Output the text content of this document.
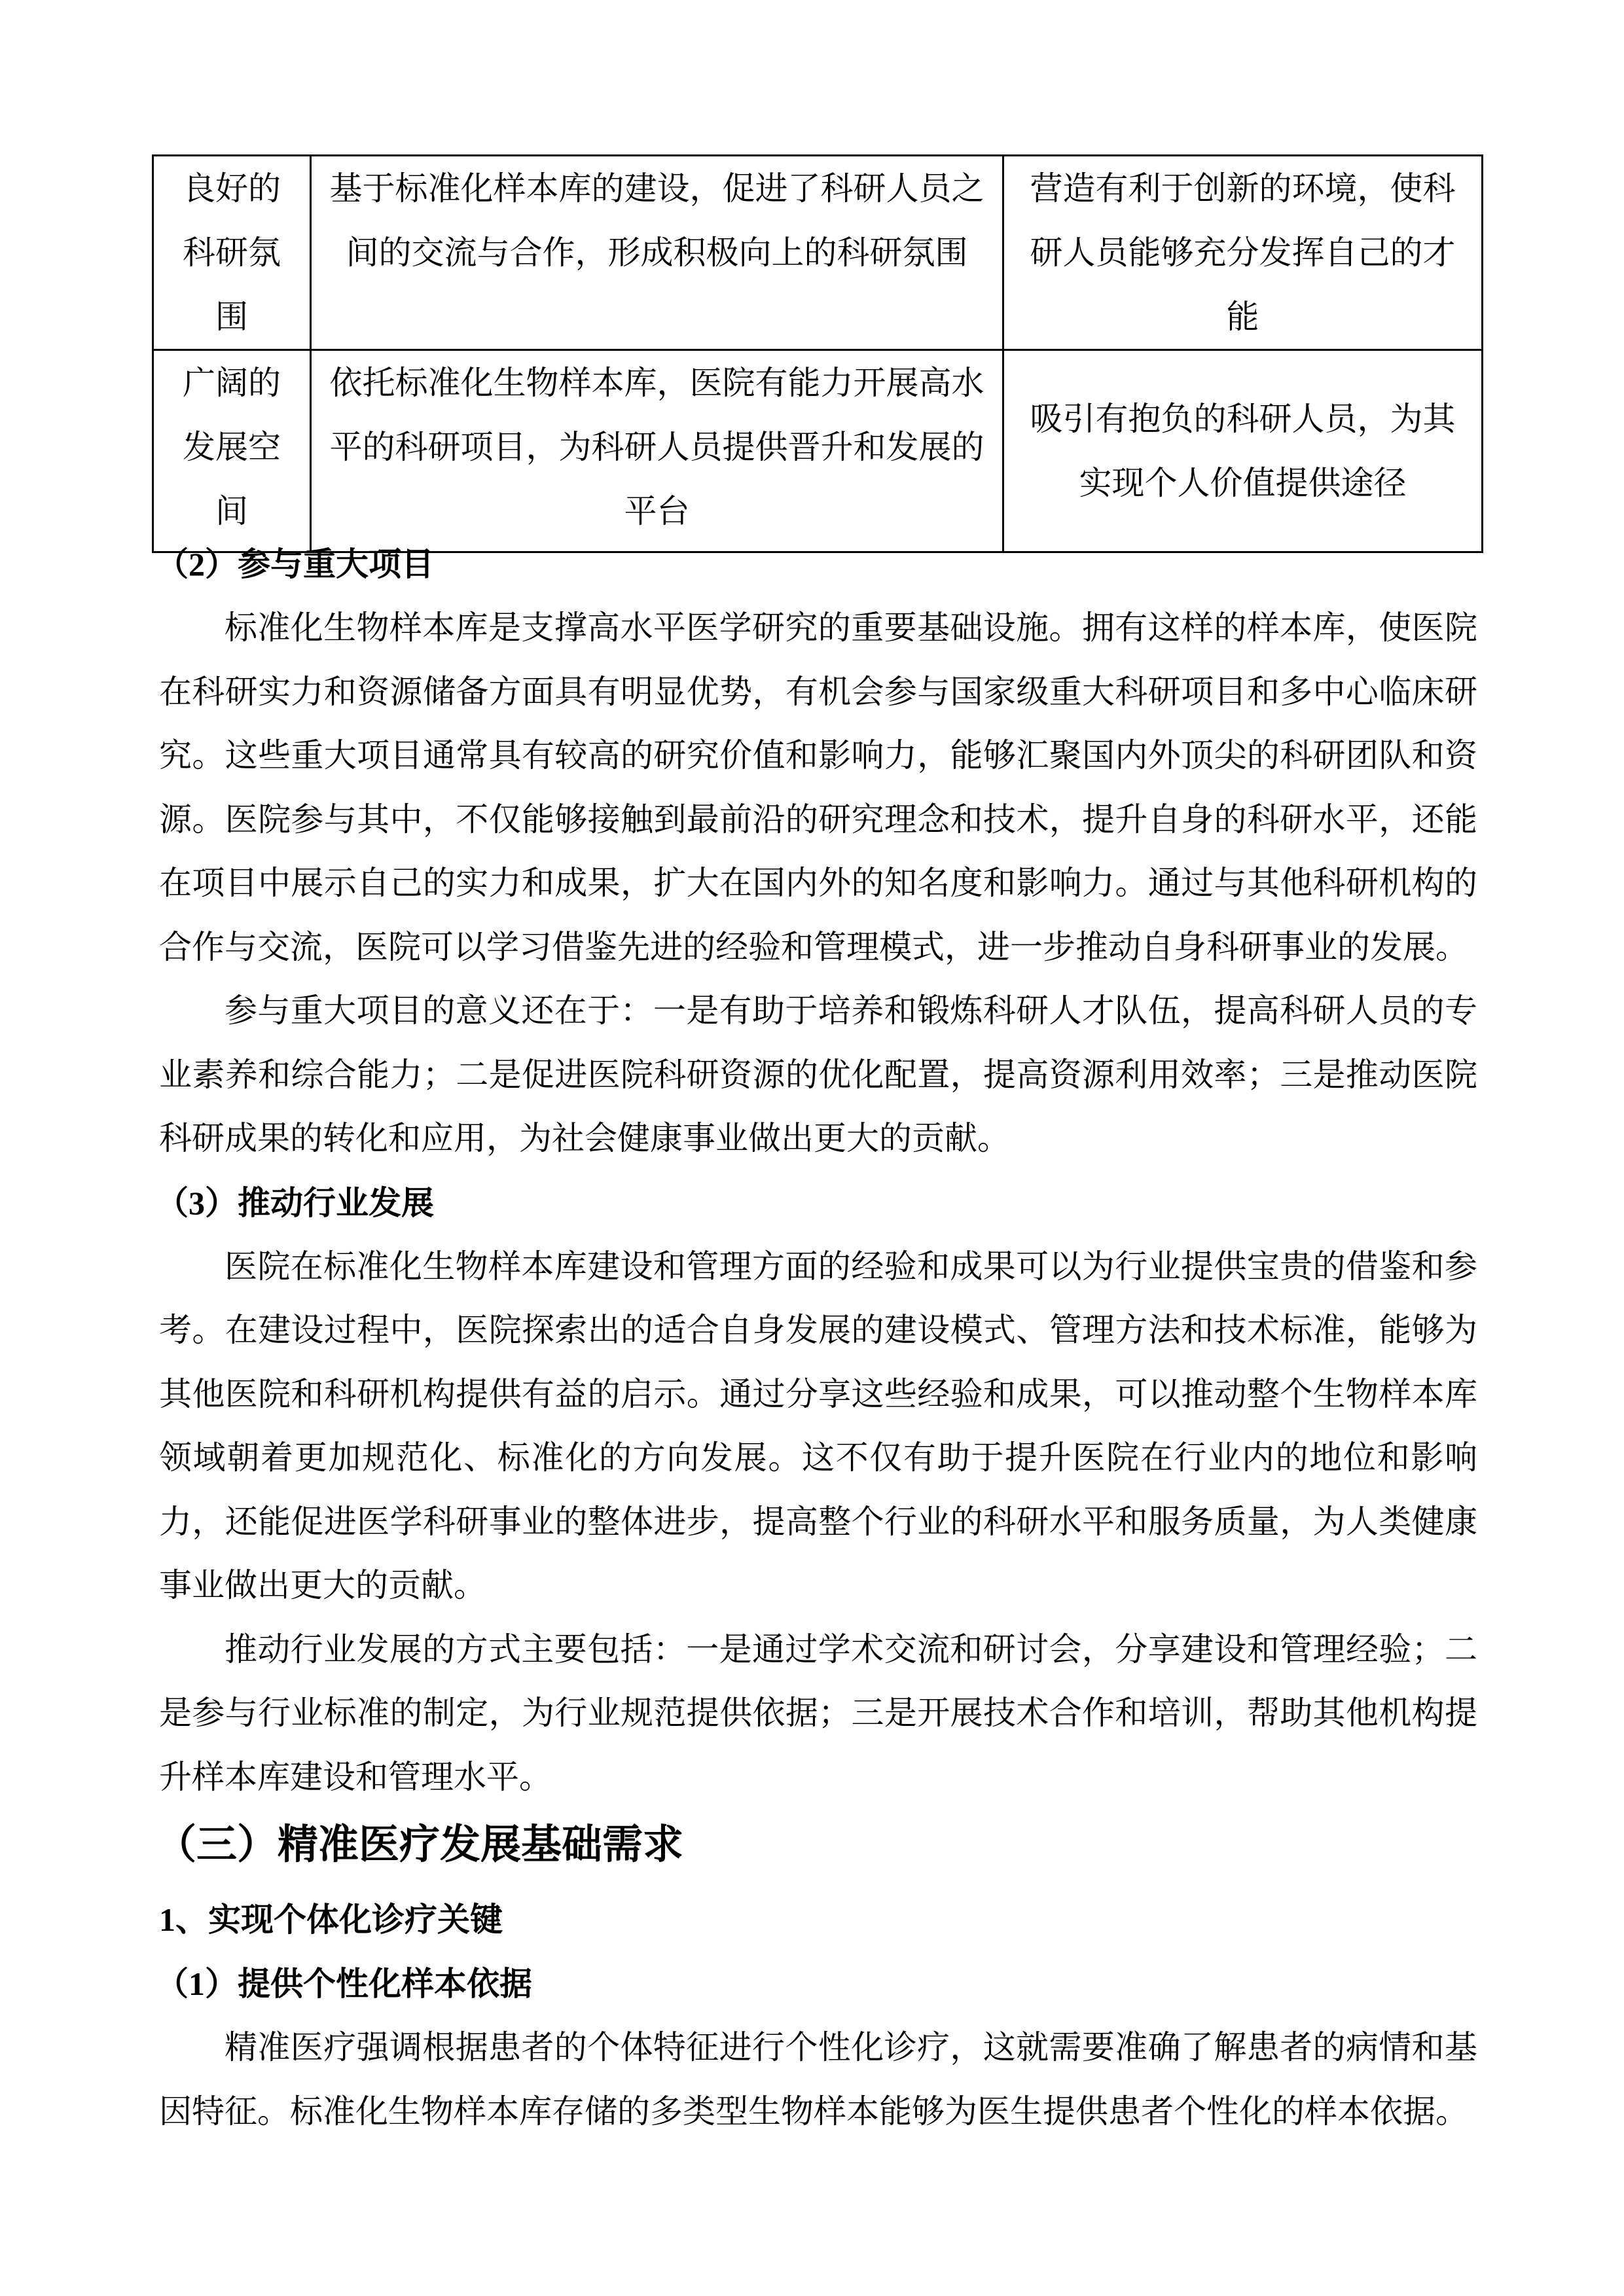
良好的科研氛围	基于标准化样本库的建设，促进了科研人员之间的交流与合作，形成积极向上的科研氛围	营造有利于创新的环境，使科研人员能够充分发挥自己的才能
广阔的发展空间	依托标准化生物样本库，医院有能力开展高水平的科研项目，为科研人员提供晋升和发展的平台	吸引有抱负的科研人员，为其实现个人价值提供途径
（2）参与重大项目

标准化生物样本库是支撑高水平医学研究的重要基础设施。拥有这样的样本库，使医院在科研实力和资源储备方面具有明显优势，有机会参与国家级重大科研项目和多中心临床研究。这些重大项目通常具有较高的研究价值和影响力，能够汇聚国内外顶尖的科研团队和资源。医院参与其中，不仅能够接触到最前沿的研究理念和技术，提升自身的科研水平，还能在项目中展示自己的实力和成果，扩大在国内外的知名度和影响力。通过与其他科研机构的合作与交流，医院可以学习借鉴先进的经验和管理模式，进一步推动自身科研事业的发展。

参与重大项目的意义还在于：一是有助于培养和锻炼科研人才队伍，提高科研人员的专业素养和综合能力；二是促进医院科研资源的优化配置，提高资源利用效率；三是推动医院科研成果的转化和应用，为社会健康事业做出更大的贡献。

（3）推动行业发展

医院在标准化生物样本库建设和管理方面的经验和成果可以为行业提供宝贵的借鉴和参考。在建设过程中，医院探索出的适合自身发展的建设模式、管理方法和技术标准，能够为其他医院和科研机构提供有益的启示。通过分享这些经验和成果，可以推动整个生物样本库领域朝着更加规范化、标准化的方向发展。这不仅有助于提升医院在行业内的地位和影响力，还能促进医学科研事业的整体进步，提高整个行业的科研水平和服务质量，为人类健康事业做出更大的贡献。

推动行业发展的方式主要包括：一是通过学术交流和研讨会，分享建设和管理经验；二是参与行业标准的制定，为行业规范提供依据；三是开展技术合作和培训，帮助其他机构提升样本库建设和管理水平。

（三）精准医疗发展基础需求
1、实现个体化诊疗关键
（1）提供个性化样本依据

精准医疗强调根据患者的个体特征进行个性化诊疗，这就需要准确了解患者的病情和基因特征。标准化生物样本库存储的多类型生物样本能够为医生提供患者个性化的样本依据。
